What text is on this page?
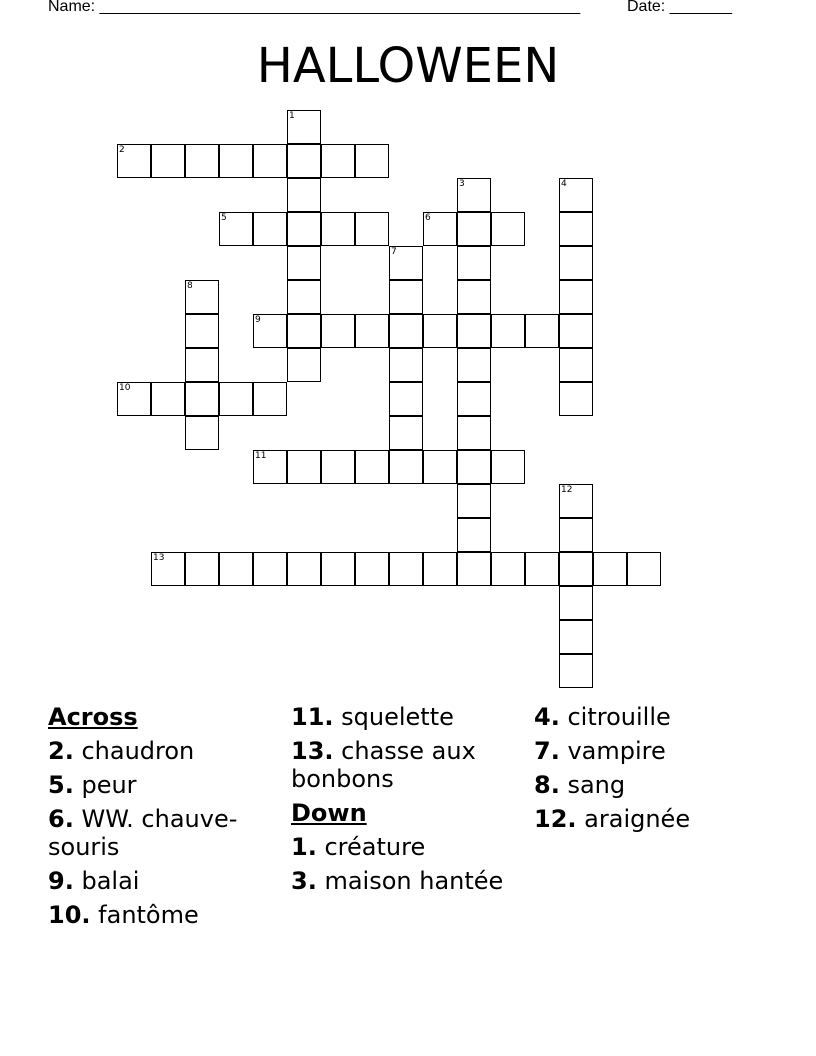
Name: ______________________________________________________	Date: _______
HALLOWEEN
1
2
3	4
5	6
7
8
9
10
11
12
13
Across
2. chaudron
5. peur
6. WW. chauve-souris
9. balai
10. fantôme
11. squelette
13. chasse aux bonbons
Down
1. créature
3. maison hantée
4. citrouille
7. vampire
8. sang
12. araignée
